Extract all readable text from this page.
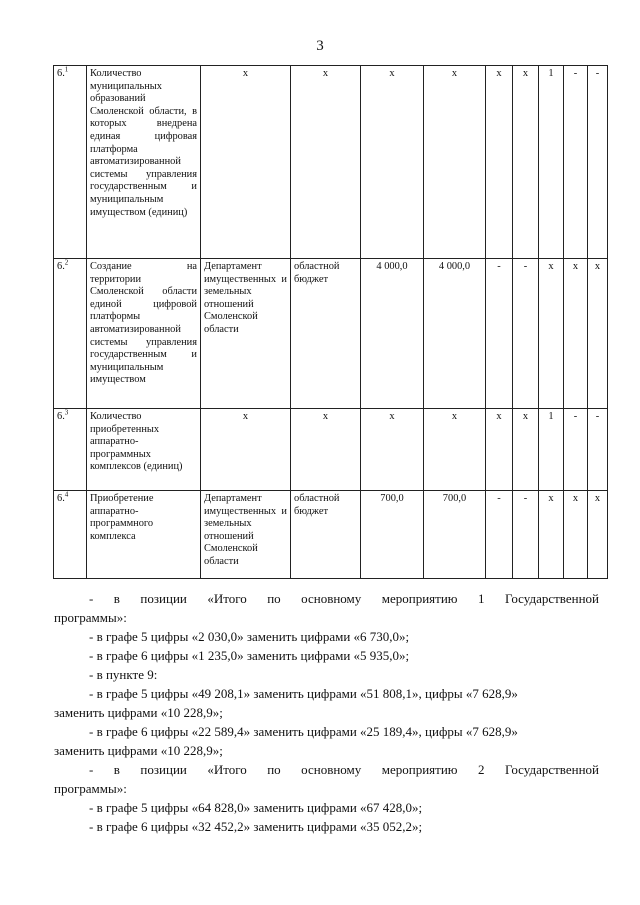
3
6.$^1$	Количество муниципальных образований Смоленской области, в которых внедрена единая цифровая платформа автоматизированной системы управления государственным и муниципальным имуществом (единиц)	х	х	х	х	х	х	1	-	-
6.$^2$	Создание на территории Смоленской области единой цифровой платформы автоматизированной системы управления государственным и муниципальным имуществом	Департамент имущественных и земельных отношений Смоленской области	областной бюджет	4 000,0	4 000,0	-	-	х	х	х
6.$^3$	Количество приобретенных аппаратно-программных комплексов (единиц)	х	х	х	х	х	х	1	-	-
6.$^4$	Приобретение аппаратно-программного комплекса	Департамент имущественных и земельных отношений Смоленской области	областной бюджет	700,0	700,0	-	-	х	х	х
- в позиции «Итого по основному мероприятию 1 Государственной
программы»:
- в графе 5 цифры «2 030,0» заменить цифрами «6 730,0»;
- в графе 6 цифры «1 235,0» заменить цифрами «5 935,0»;
- в пункте 9:
- в графе 5 цифры «49 208,1» заменить цифрами «51 808,1», цифры «7 628,9»
заменить цифрами «10 228,9»;
- в графе 6 цифры «22 589,4» заменить цифрами «25 189,4», цифры «7 628,9»
заменить цифрами «10 228,9»;
- в позиции «Итого по основному мероприятию 2 Государственной
программы»:
- в графе 5 цифры «64 828,0» заменить цифрами «67 428,0»;
- в графе 6 цифры «32 452,2» заменить цифрами «35 052,2»;
